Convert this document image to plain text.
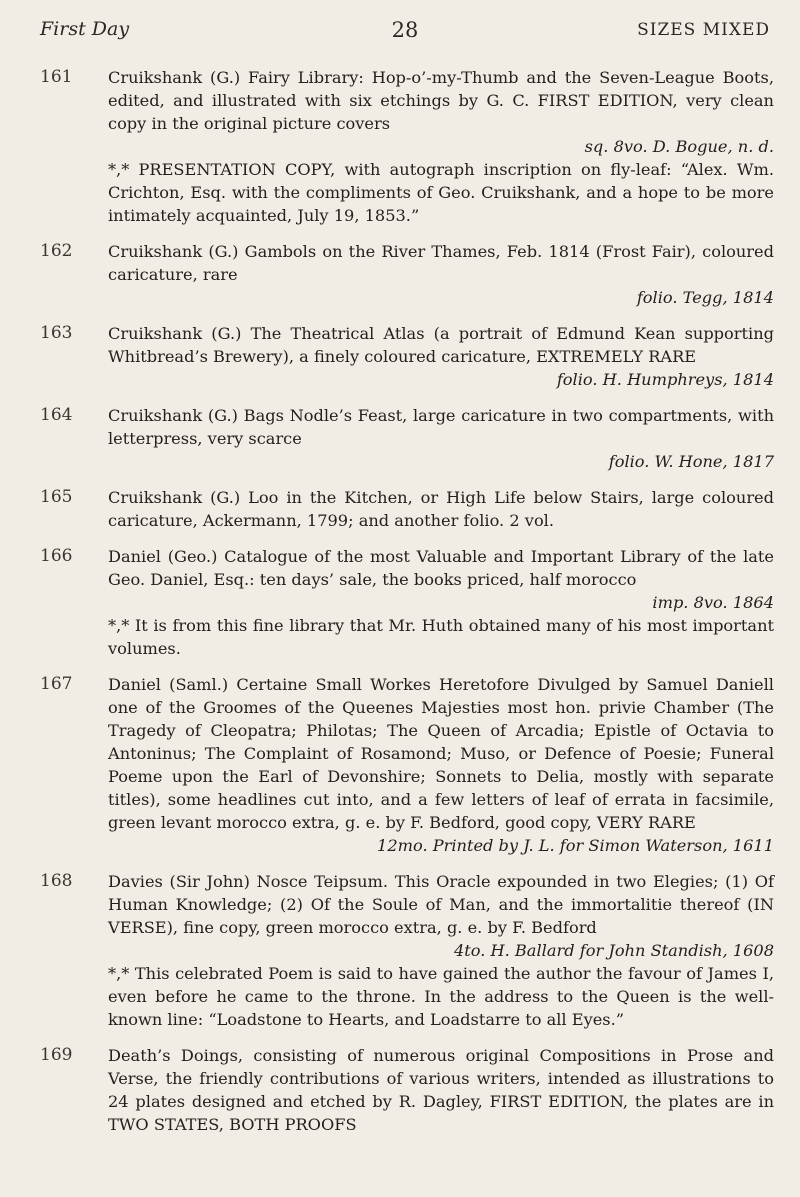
First Day	28	SIZES MIXED
161	Cruikshank (G.) Fairy Library: Hop-o’-my-Thumb and the Seven-League Boots, edited, and illustrated with six etchings by G. C. FIRST EDITION, very clean copy in the original picture covers

sq. 8vo. D. Bogue, n. d.

*,* PRESENTATION COPY, with autograph inscription on fly-leaf: “Alex. Wm. Crichton, Esq. with the compliments of Geo. Cruikshank, and a hope to be more intimately acquainted, July 19, 1853.”

162	Cruikshank (G.) Gambols on the River Thames, Feb. 1814 (Frost Fair), coloured caricature, rare

folio. Tegg, 1814
163	Cruikshank (G.) The Theatrical Atlas (a portrait of Edmund Kean supporting Whitbread’s Brewery), a finely coloured caricature, EXTREMELY RARE

folio. H. Humphreys, 1814
164	Cruikshank (G.) Bags Nodle’s Feast, large caricature in two compartments, with letterpress, very scarce

folio. W. Hone, 1817
165	Cruikshank (G.) Loo in the Kitchen, or High Life below Stairs, large coloured caricature, Ackermann, 1799; and another folio. 2 vol.

166	Daniel (Geo.) Catalogue of the most Valuable and Important Library of the late Geo. Daniel, Esq.: ten days’ sale, the books priced, half morocco

imp. 8vo. 1864

*,* It is from this fine library that Mr. Huth obtained many of his most important volumes.

167	Daniel (Saml.) Certaine Small Workes Heretofore Divulged by Samuel Daniell one of the Groomes of the Queenes Majesties most hon. privie Chamber (The Tragedy of Cleopatra; Philotas; The Queen of Arcadia; Epistle of Octavia to Antoninus; The Complaint of Rosamond; Muso, or Defence of Poesie; Funeral Poeme upon the Earl of Devonshire; Sonnets to Delia, mostly with separate titles), some headlines cut into, and a few letters of leaf of errata in facsimile, green levant morocco extra, g. e. by F. Bedford, good copy, VERY RARE

12mo. Printed by J. L. for Simon Waterson, 1611
168	Davies (Sir John) Nosce Teipsum. This Oracle expounded in two Elegies; (1) Of Human Knowledge; (2) Of the Soule of Man, and the immortalitie thereof (IN VERSE), fine copy, green morocco extra, g. e. by F. Bedford

4to. H. Ballard for John Standish, 1608

*,* This celebrated Poem is said to have gained the author the favour of James I, even before he came to the throne. In the address to the Queen is the well-known line: “Loadstone to Hearts, and Loadstarre to all Eyes.”

169	Death’s Doings, consisting of numerous original Compositions in Prose and Verse, the friendly contributions of various writers, intended as illustrations to 24 plates designed and etched by R. Dagley, FIRST EDITION, the plates are in TWO STATES, BOTH PROOFS
